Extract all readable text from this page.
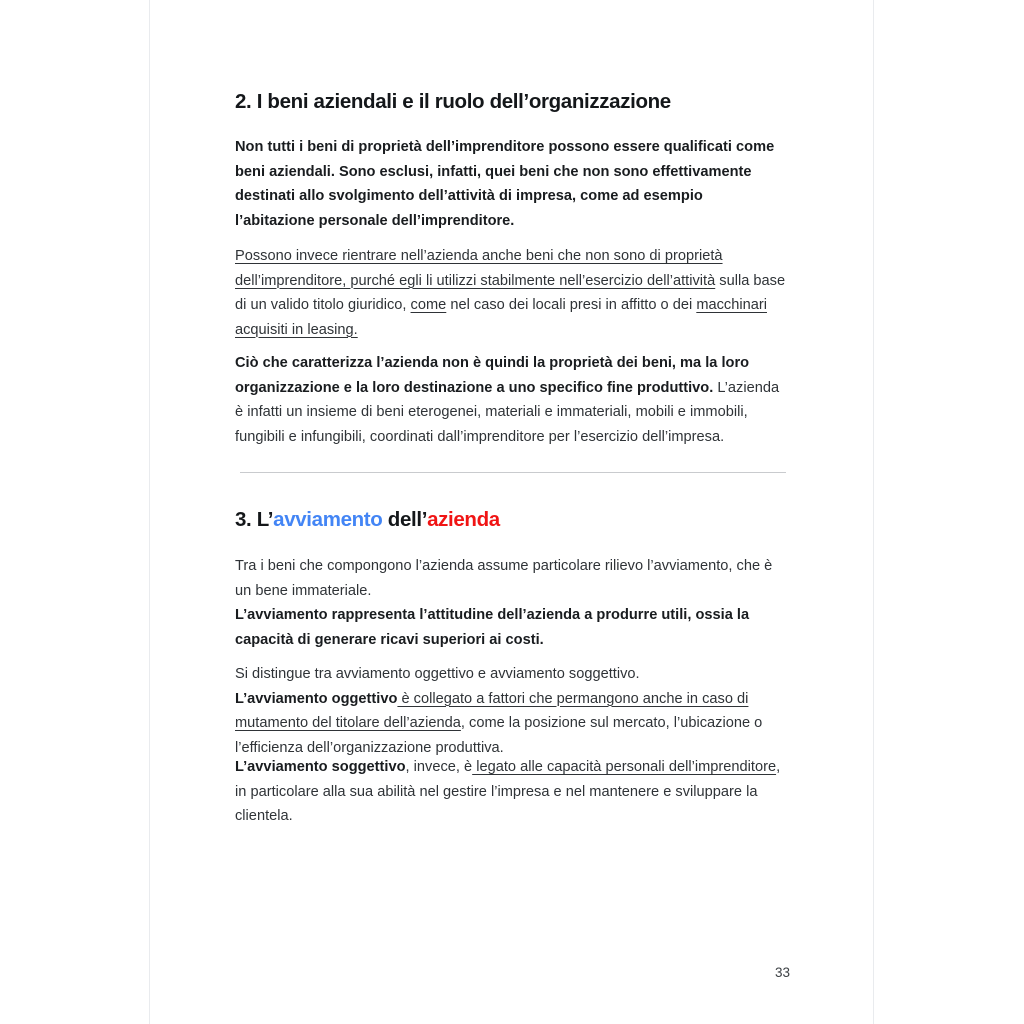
2. I beni aziendali e il ruolo dell’organizzazione

Non tutti i beni di proprietà dell’imprenditore possono essere qualificati come beni aziendali. Sono esclusi, infatti, quei beni che non sono effettivamente destinati allo svolgimento dell’attività di impresa, come ad esempio l’abitazione personale dell’imprenditore.

Possono invece rientrare nell’azienda anche beni che non sono di proprietà dell’imprenditore, purché egli li utilizzi stabilmente nell’esercizio dell’attività sulla base di un valido titolo giuridico, come nel caso dei locali presi in affitto o dei macchinari acquisiti in leasing.

Ciò che caratterizza l’azienda non è quindi la proprietà dei beni, ma la loro organizzazione e la loro destinazione a uno specifico fine produttivo. L’azienda è infatti un insieme di beni eterogenei, materiali e immateriali, mobili e immobili, fungibili e infungibili, coordinati dall’imprenditore per l’esercizio dell’impresa.

3. L’avviamento dell’azienda

Tra i beni che compongono l’azienda assume particolare rilievo l’avviamento, che è un bene immateriale.
L’avviamento rappresenta l’attitudine dell’azienda a produrre utili, ossia la capacità di generare ricavi superiori ai costi.

Si distingue tra avviamento oggettivo e avviamento soggettivo.
L’avviamento oggettivo è collegato a fattori che permangono anche in caso di mutamento del titolare dell’azienda, come la posizione sul mercato, l’ubicazione o l’efficienza dell’organizzazione produttiva.

L’avviamento soggettivo, invece, è legato alle capacità personali dell’imprenditore, in particolare alla sua abilità nel gestire l’impresa e nel mantenere e sviluppare la clientela.

33
